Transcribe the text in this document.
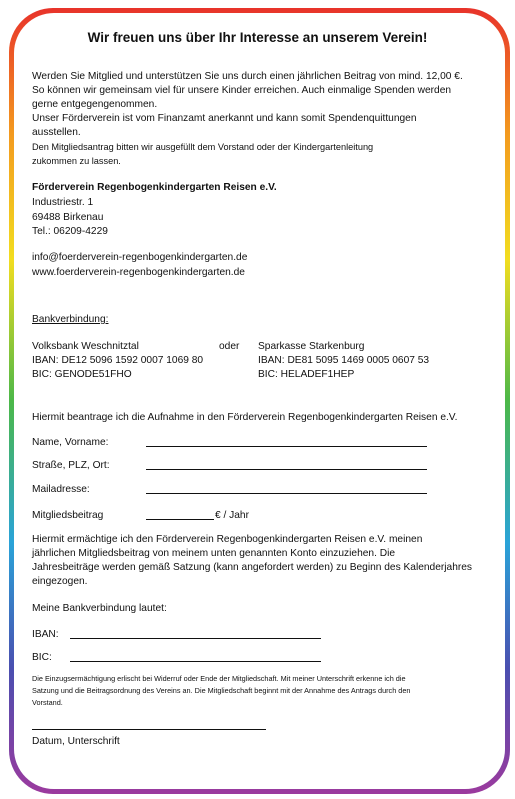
Wir freuen uns über Ihr Interesse an unserem Verein!
Werden Sie Mitglied und unterstützen Sie uns durch einen jährlichen Beitrag von mind. 12,00 €.
So können wir gemeinsam viel für unsere Kinder erreichen. Auch einmalige Spenden werden
gerne entgegengenommen.
Unser Förderverein ist vom Finanzamt anerkannt und kann somit Spendenquittungen
ausstellen.
Den Mitgliedsantrag bitten wir ausgefüllt dem Vorstand oder der Kindergartenleitung
zukommen zu lassen.
Förderverein Regenbogenkindergarten Reisen e.V.
Industriestr. 1
69488 Birkenau
Tel.: 06209-4229
info@foerderverein-regenbogenkindergarten.de
www.foerderverein-regenbogenkindergarten.de
Bankverbindung:
Volksbank Weschnitztal	oder Sparkasse Starkenburg
IBAN: DE12 5096 1592 0007 1069 80	IBAN: DE81 5095 1469 0005 0607 53
BIC: GENODE51FHO	BIC: HELADEF1HEP
Hiermit beantrage ich die Aufnahme in den Förderverein Regenbogenkindergarten Reisen e.V.
Name, Vorname:
Straße, PLZ, Ort:
Mailadresse:
Mitgliedsbeitrag	€ / Jahr
Hiermit ermächtige ich den Förderverein Regenbogenkindergarten Reisen e.V. meinen
jährlichen Mitgliedsbeitrag von meinem unten genannten Konto einzuziehen. Die
Jahresbeiträge werden gemäß Satzung (kann angefordert werden) zu Beginn des Kalenderjahres
eingezogen.
Meine Bankverbindung lautet:
IBAN:
BIC:
Die Einzugsermächtigung erlischt bei Widerruf oder Ende der Mitgliedschaft. Mit meiner Unterschrift erkenne ich die
Satzung und die Beitragsordnung des Vereins an. Die Mitgliedschaft beginnt mit der Annahme des Antrags durch den
Vorstand.
Datum, Unterschrift
